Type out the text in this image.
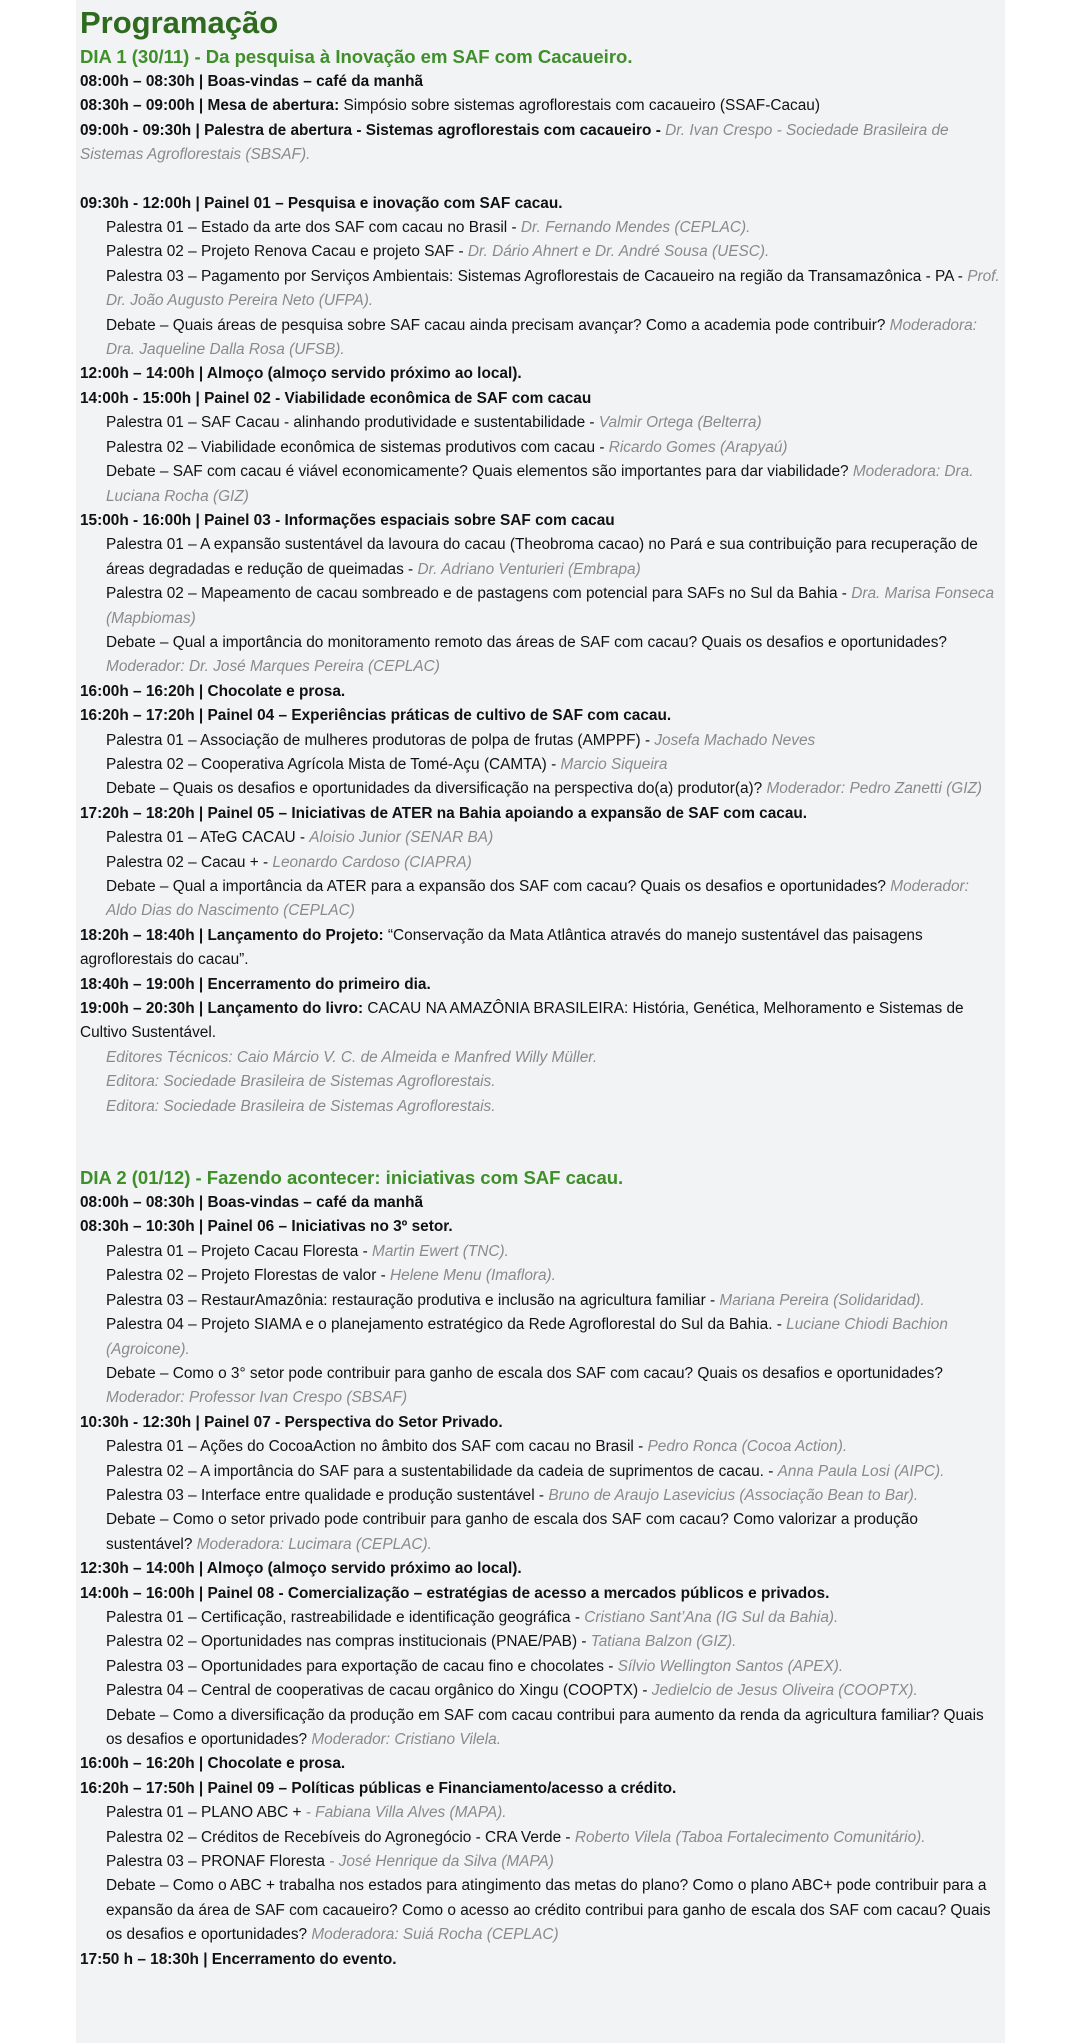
Programação
DIA 1 (30/11) - Da pesquisa à Inovação em SAF com Cacaueiro.
08:00h – 08:30h | Boas-vindas – café da manhã
08:30h – 09:00h | Mesa de abertura: Simpósio sobre sistemas agroflorestais com cacaueiro (SSAF-Cacau)
09:00h - 09:30h | Palestra de abertura - Sistemas agroflorestais com cacaueiro - Dr. Ivan Crespo - Sociedade Brasileira de Sistemas Agroflorestais (SBSAF).
09:30h - 12:00h | Painel 01 – Pesquisa e inovação com SAF cacau.
Palestra 01 – Estado da arte dos SAF com cacau no Brasil - Dr. Fernando Mendes (CEPLAC).
Palestra 02 – Projeto Renova Cacau e projeto SAF - Dr. Dário Ahnert e Dr. André Sousa (UESC).
Palestra 03 – Pagamento por Serviços Ambientais: Sistemas Agroflorestais de Cacaueiro na região da Transamazônica - PA - Prof. Dr. João Augusto Pereira Neto (UFPA).
Debate – Quais áreas de pesquisa sobre SAF cacau ainda precisam avançar? Como a academia pode contribuir? Moderadora: Dra. Jaqueline Dalla Rosa (UFSB).
12:00h – 14:00h | Almoço (almoço servido próximo ao local).
14:00h - 15:00h | Painel 02 - Viabilidade econômica de SAF com cacau
Palestra 01 – SAF Cacau - alinhando produtividade e sustentabilidade - Valmir Ortega (Belterra)
Palestra 02 – Viabilidade econômica de sistemas produtivos com cacau - Ricardo Gomes (Arapyaú)
Debate – SAF com cacau é viável economicamente? Quais elementos são importantes para dar viabilidade? Moderadora: Dra. Luciana Rocha (GIZ)
15:00h - 16:00h | Painel 03 - Informações espaciais sobre SAF com cacau
Palestra 01 – A expansão sustentável da lavoura do cacau (Theobroma cacao) no Pará e sua contribuição para recuperação de áreas degradadas e redução de queimadas - Dr. Adriano Venturieri (Embrapa)
Palestra 02 – Mapeamento de cacau sombreado e de pastagens com potencial para SAFs no Sul da Bahia - Dra. Marisa Fonseca (Mapbiomas)
Debate – Qual a importância do monitoramento remoto das áreas de SAF com cacau? Quais os desafios e oportunidades? Moderador: Dr. José Marques Pereira (CEPLAC)
16:00h – 16:20h | Chocolate e prosa.
16:20h – 17:20h | Painel 04 – Experiências práticas de cultivo de SAF com cacau.
Palestra 01 – Associação de mulheres produtoras de polpa de frutas (AMPPF) - Josefa Machado Neves
Palestra 02 – Cooperativa Agrícola Mista de Tomé-Açu (CAMTA) - Marcio Siqueira
Debate – Quais os desafios e oportunidades da diversificação na perspectiva do(a) produtor(a)? Moderador: Pedro Zanetti (GIZ)
17:20h – 18:20h | Painel 05 – Iniciativas de ATER na Bahia apoiando a expansão de SAF com cacau.
Palestra 01 – ATeG CACAU - Aloisio Junior (SENAR BA)
Palestra 02 – Cacau + - Leonardo Cardoso (CIAPRA)
Debate – Qual a importância da ATER para a expansão dos SAF com cacau? Quais os desafios e oportunidades? Moderador: Aldo Dias do Nascimento (CEPLAC)
18:20h – 18:40h | Lançamento do Projeto: “Conservação da Mata Atlântica através do manejo sustentável das paisagens agroflorestais do cacau”.
18:40h – 19:00h | Encerramento do primeiro dia.
19:00h – 20:30h | Lançamento do livro: CACAU NA AMAZÔNIA BRASILEIRA: História, Genética, Melhoramento e Sistemas de Cultivo Sustentável.
Editores Técnicos: Caio Márcio V. C. de Almeida e Manfred Willy Müller.
Editora: Sociedade Brasileira de Sistemas Agroflorestais.
Editora: Sociedade Brasileira de Sistemas Agroflorestais.
DIA 2 (01/12) - Fazendo acontecer: iniciativas com SAF cacau.
08:00h – 08:30h | Boas-vindas – café da manhã
08:30h – 10:30h | Painel 06 – Iniciativas no 3º setor.
Palestra 01 – Projeto Cacau Floresta - Martin Ewert (TNC).
Palestra 02 – Projeto Florestas de valor - Helene Menu (Imaflora).
Palestra 03 – RestaurAmazônia: restauração produtiva e inclusão na agricultura familiar - Mariana Pereira (Solidaridad).
Palestra 04 – Projeto SIAMA e o planejamento estratégico da Rede Agroflorestal do Sul da Bahia. - Luciane Chiodi Bachion (Agroicone).
Debate – Como o 3° setor pode contribuir para ganho de escala dos SAF com cacau? Quais os desafios e oportunidades? Moderador: Professor Ivan Crespo (SBSAF)
10:30h - 12:30h | Painel 07 - Perspectiva do Setor Privado.
Palestra 01 – Ações do CocoaAction no âmbito dos SAF com cacau no Brasil - Pedro Ronca (Cocoa Action).
Palestra 02 – A importância do SAF para a sustentabilidade da cadeia de suprimentos de cacau. - Anna Paula Losi (AIPC).
Palestra 03 – Interface entre qualidade e produção sustentável - Bruno de Araujo Lasevicius (Associação Bean to Bar).
Debate – Como o setor privado pode contribuir para ganho de escala dos SAF com cacau? Como valorizar a produção sustentável? Moderadora: Lucimara (CEPLAC).
12:30h – 14:00h | Almoço (almoço servido próximo ao local).
14:00h – 16:00h | Painel 08 - Comercialização – estratégias de acesso a mercados públicos e privados.
Palestra 01 – Certificação, rastreabilidade e identificação geográfica - Cristiano Sant’Ana (IG Sul da Bahia).
Palestra 02 – Oportunidades nas compras institucionais (PNAE/PAB) - Tatiana Balzon (GIZ).
Palestra 03 – Oportunidades para exportação de cacau fino e chocolates - Sílvio Wellington Santos (APEX).
Palestra 04 – Central de cooperativas de cacau orgânico do Xingu (COOPTX) - Jedielcio de Jesus Oliveira (COOPTX).
Debate – Como a diversificação da produção em SAF com cacau contribui para aumento da renda da agricultura familiar? Quais os desafios e oportunidades? Moderador: Cristiano Vilela.
16:00h – 16:20h | Chocolate e prosa.
16:20h – 17:50h | Painel 09 – Políticas públicas e Financiamento/acesso a crédito.
Palestra 01 – PLANO ABC + - Fabiana Villa Alves (MAPA).
Palestra 02 – Créditos de Recebíveis do Agronegócio - CRA Verde - Roberto Vilela (Taboa Fortalecimento Comunitário).
Palestra 03 – PRONAF Floresta - José Henrique da Silva (MAPA)
Debate – Como o ABC + trabalha nos estados para atingimento das metas do plano? Como o plano ABC+ pode contribuir para a expansão da área de SAF com cacaueiro? Como o acesso ao crédito contribui para ganho de escala dos SAF com cacau? Quais os desafios e oportunidades? Moderadora: Suiá Rocha (CEPLAC)
17:50 h – 18:30h | Encerramento do evento.
